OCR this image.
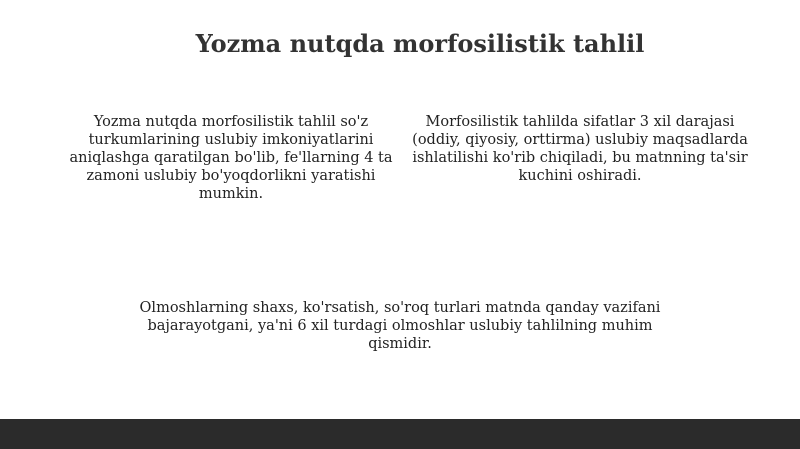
Yozma nutqda morfosilistik tahlil

Yozma nutqda morfosilistik tahlil so'z turkumlarining uslubiy imkoniyatlarini aniqlashga qaratilgan bo'lib, fe'llarning 4 ta zamoni uslubiy bo'yoqdorlikni yaratishi mumkin.

Morfosilistik tahlilda sifatlar 3 xil darajasi (oddiy, qiyosiy, orttirma) uslubiy maqsadlarda ishlatilishi ko'rib chiqiladi, bu matnning ta'sir kuchini oshiradi.

Olmoshlarning shaxs, ko'rsatish, so'roq turlari matnda qanday vazifani bajarayotgani, ya'ni 6 xil turdagi olmoshlar uslubiy tahlilning muhim qismidir.
